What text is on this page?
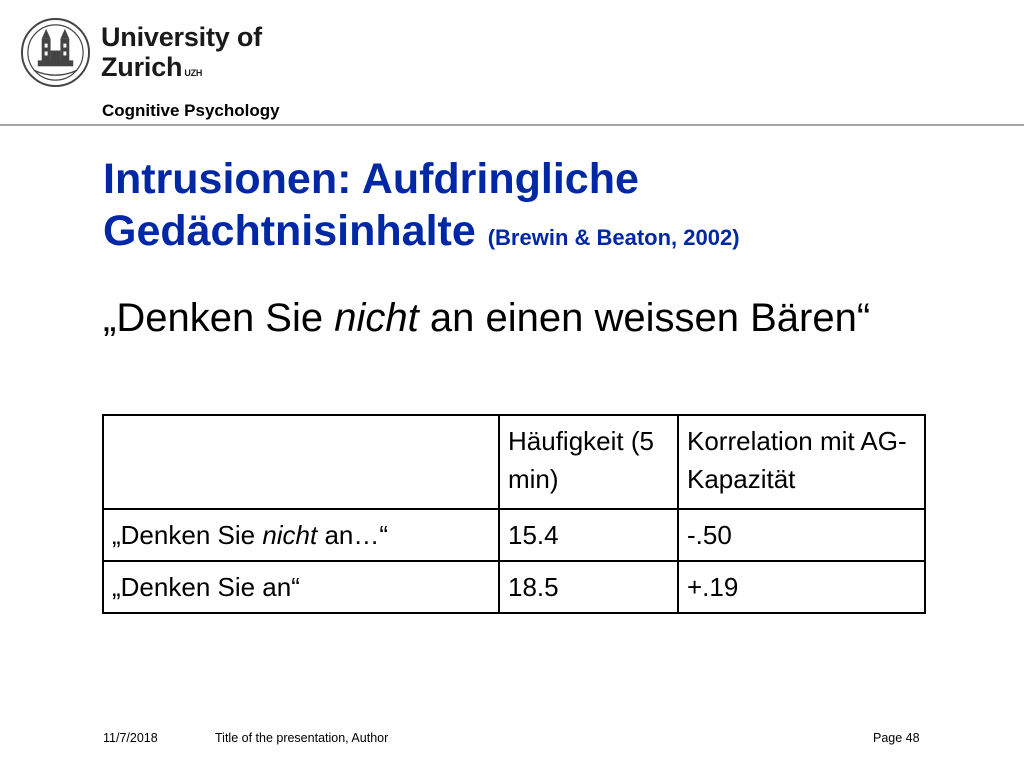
University of
Zurich $^{UZH}$
Cognitive Psychology
Intrusionen: Aufdringliche
Gedächtnisinhalte (Brewin & Beaton, 2002)
„Denken Sie nicht an einen weissen Bären“
	Häufigkeit (5 min)	Korrelation mit AG-Kapazität
„Denken Sie nicht an…“	15.4	-.50
„Denken Sie an“	18.5	+.19
11/7/2018	Title of the presentation, Author	Page 48
